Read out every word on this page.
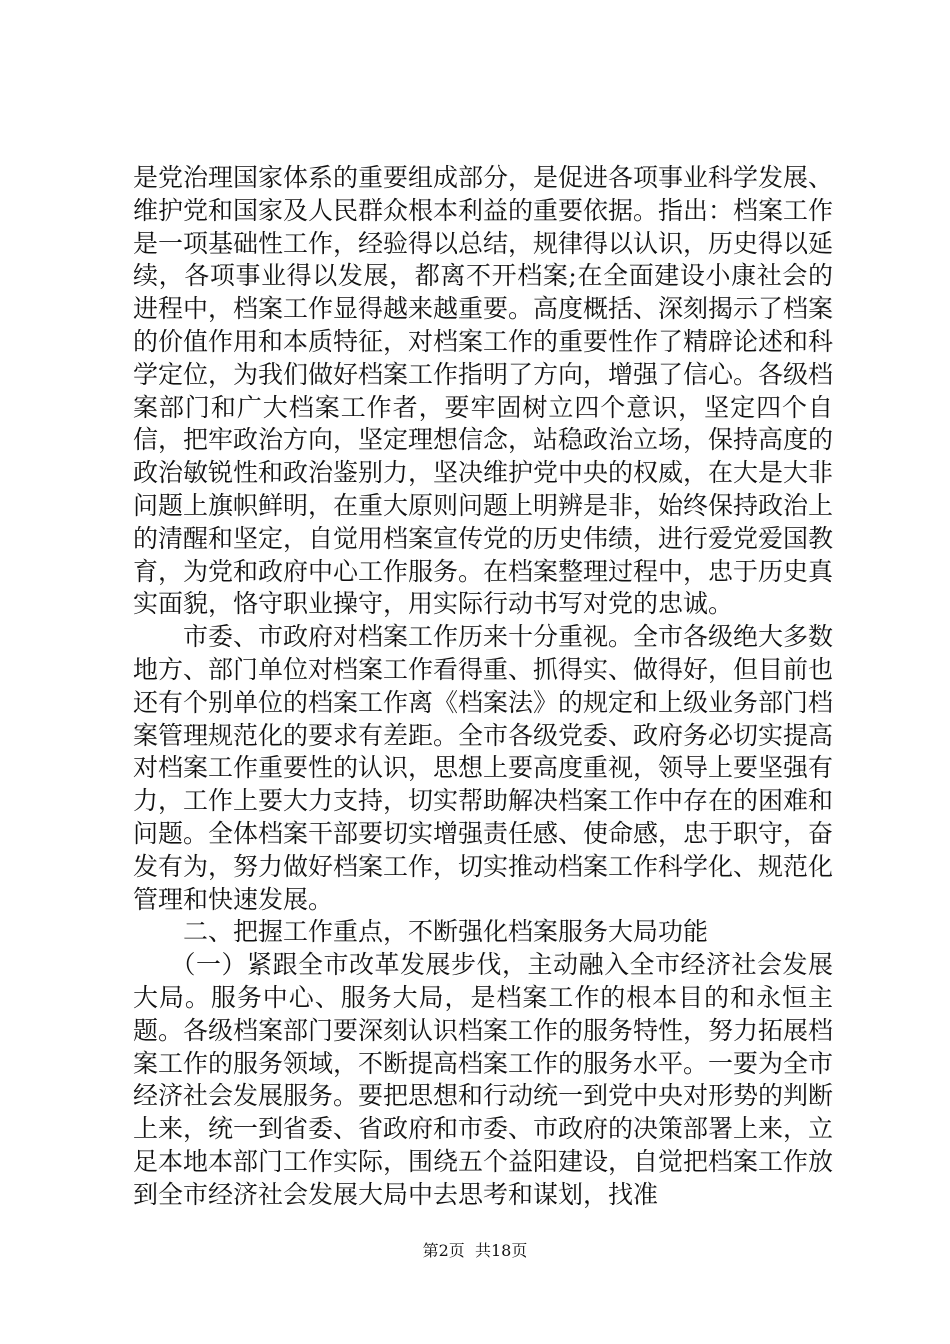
是党治理国家体系的重要组成部分，是促进各项事业科学发展、维护党和国家及人民群众根本利益的重要依据。指出：档案工作是一项基础性工作，经验得以总结，规律得以认识，历史得以延续，各项事业得以发展，都离不开档案;在全面建设小康社会的进程中，档案工作显得越来越重要。高度概括、深刻揭示了档案的价值作用和本质特征，对档案工作的重要性作了精辟论述和科学定位，为我们做好档案工作指明了方向，增强了信心。各级档案部门和广大档案工作者，要牢固树立四个意识，坚定四个自信，把牢政治方向，坚定理想信念，站稳政治立场，保持高度的政治敏锐性和政治鉴别力，坚决维护党中央的权威，在大是大非问题上旗帜鲜明，在重大原则问题上明辨是非，始终保持政治上的清醒和坚定，自觉用档案宣传党的历史伟绩，进行爱党爱国教育，为党和政府中心工作服务。在档案整理过程中，忠于历史真实面貌，恪守职业操守，用实际行动书写对党的忠诚。

市委、市政府对档案工作历来十分重视。全市各级绝大多数地方、部门单位对档案工作看得重、抓得实、做得好，但目前也还有个别单位的档案工作离《档案法》的规定和上级业务部门档案管理规范化的要求有差距。全市各级党委、政府务必切实提高对档案工作重要性的认识，思想上要高度重视，领导上要坚强有力，工作上要大力支持，切实帮助解决档案工作中存在的困难和问题。全体档案干部要切实增强责任感、使命感，忠于职守，奋发有为，努力做好档案工作，切实推动档案工作科学化、规范化管理和快速发展。

二、把握工作重点，不断强化档案服务大局功能

（一）紧跟全市改革发展步伐，主动融入全市经济社会发展大局。服务中心、服务大局，是档案工作的根本目的和永恒主题。各级档案部门要深刻认识档案工作的服务特性，努力拓展档案工作的服务领域，不断提高档案工作的服务水平。一要为全市经济社会发展服务。要把思想和行动统一到党中央对形势的判断上来，统一到省委、省政府和市委、市政府的决策部署上来，立足本地本部门工作实际，围绕五个益阳建设，自觉把档案工作放到全市经济社会发展大局中去思考和谋划，找准

第2页 共18页
